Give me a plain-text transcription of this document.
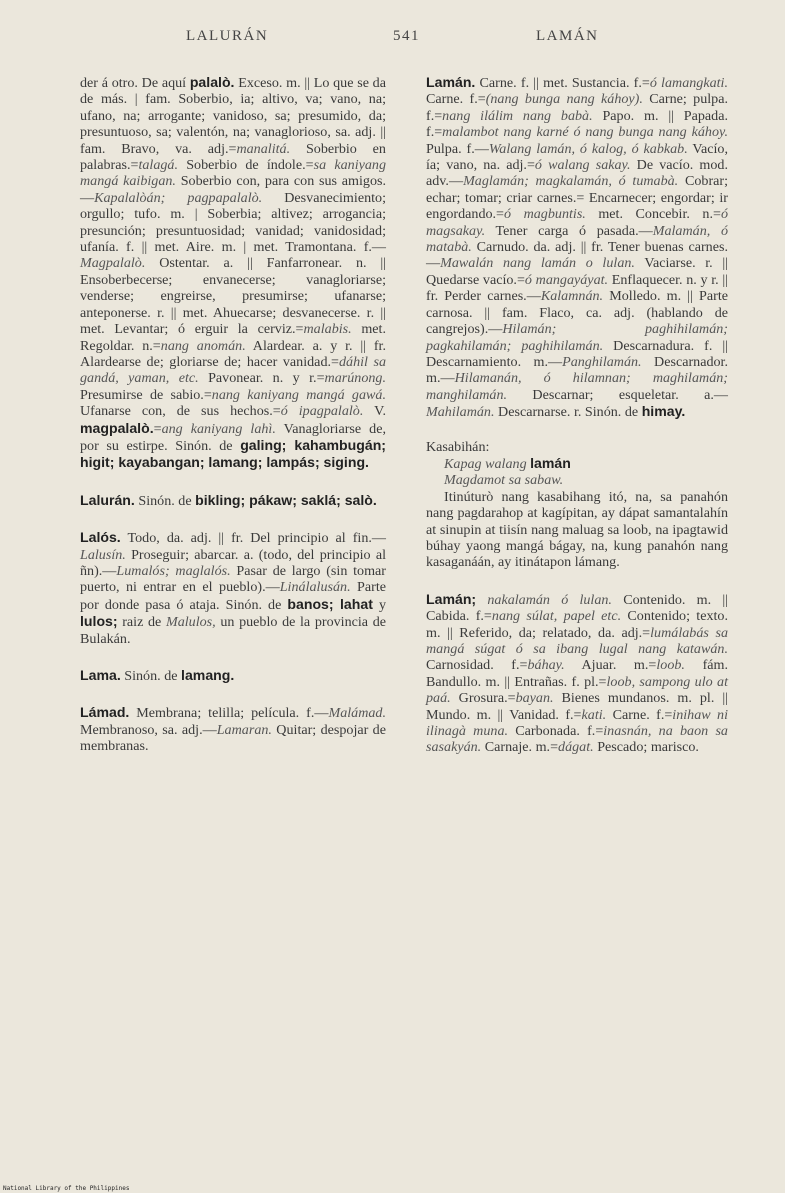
LALURÁN	541	LAMÁN

der á otro. De aquí palalò. Exceso. m. || Lo que se da de más. | fam. Soberbio, ia; altivo, va; vano, na; ufano, na; arrogante; vanidoso, sa; presumido, da; presuntuoso, sa; valentón, na; vanaglorioso, sa. adj. || fam. Bravo, va. adj.=manalitá. Soberbio en palabras.=talagá. Soberbio de índole.=sa kaniyang mangá kaibigan. Soberbio con, para con sus amigos.—Kapalalòán; pagpapalalò. Desvanecimiento; orgullo; tufo. m. | Soberbia; altivez; arrogancia; presunción; presuntuosidad; vanidad; vanidosidad; ufanía. f. || met. Aire. m. | met. Tramontana. f.—Magpalalò. Ostentar. a. || Fanfarronear. n. || Ensoberbecerse; envanecerse; vanagloriarse; venderse; engreirse, presumirse; ufanarse; anteponerse. r. || met. Ahuecarse; desvanecerse. r. || met. Levantar; ó erguir la cerviz.=malabis. met. Regoldar. n.=nang anomán. Alardear. a. y r. || fr. Alardearse de; gloriarse de; hacer vanidad.=dáhil sa gandá, yaman, etc. Pavonear. n. y r.=marúnong. Presumirse de sabio.=nang kaniyang mangá gawá. Ufanarse con, de sus hechos.=ó ipagpalalò. V. magpalalò.=ang kaniyang lahì. Vanagloriarse de, por su estirpe. Sinón. de galing; kahambugán; higit; kayabangan; lamang; lampás; siging.

Lalurán. Sinón. de bikling; pákaw; saklá; salò.

Lalós. Todo, da. adj. || fr. Del principio al fin.—Lalusín. Proseguir; abarcar. a. (todo, del principio al ñn).—Lumalós; maglalós. Pasar de largo (sin tomar puerto, ni entrar en el pueblo).—Linálalusán. Parte por donde pasa ó ataja. Sinón. de banos; lahat y lulos; raiz de Malulos, un pueblo de la provincia de Bulakán.

Lama. Sinón. de lamang.

Lámad. Membrana; telilla; película. f.—Malámad. Membranoso, sa. adj.—Lamaran. Quitar; despojar de membranas.

Lamán. Carne. f. || met. Sustancia. f.=ó lamangkati. Carne. f.=(nang bunga nang káhoy). Carne; pulpa. f.=nang ilálim nang babà. Papo. m. || Papada. f.=malambot nang karné ó nang bunga nang káhoy. Pulpa. f.—Walang lamán, ó kalog, ó kabkab. Vacío, ía; vano, na. adj.=ó walang sakay. De vacío. mod. adv.—Maglamán; magkalamán, ó tumabà. Cobrar; echar; tomar; criar carnes.= Encarnecer; engordar; ir engordando.=ó magbuntis. met. Concebir. n.=ó magsakay. Tener carga ó pasada.—Malamán, ó matabà. Carnudo. da. adj. || fr. Tener buenas carnes.—Mawalán nang lamán o lulan. Vaciarse. r. || Quedarse vacío.=ó mangayáyat. Enflaquecer. n. y r. || fr. Perder carnes.—Kalamnán. Molledo. m. || Parte carnosa. || fam. Flaco, ca. adj. (hablando de cangrejos).—Hilamán; paghihilamán; pagkahilamán; paghihilamán. Descarnadura. f. || Descarnamiento. m.—Panghilamán. Descarnador. m.—Hilamanán, ó hilamnan; maghilamán; manghilamán. Descarnar; esqueletar. a.—Mahilamán. Descarnarse. r. Sinón. de himay.

Kasabihán:

Kapag walang lamán

Magdamot sa sabaw.

Itinúturò nang kasabihang itó, na, sa panahón nang pagdarahop at kagípitan, ay dápat samantalahín at sinupin at tiisín nang maluag sa loob, na ipagtawid búhay yaong mangá bágay, na, kung panahón nang kasaganáán, ay itinátapon lámang.

Lamán; nakalamán ó lulan. Contenido. m. || Cabida. f.=nang súlat, papel etc. Contenido; texto. m. || Referido, da; relatado, da. adj.=lumálabás sa mangá súgat ó sa ibang lugal nang katawán. Carnosidad. f.=báhay. Ajuar. m.=loob. fám. Bandullo. m. || Entrañas. f. pl.=loob, sampong ulo at paá. Grosura.=bayan. Bienes mundanos. m. pl. || Mundo. m. || Vanidad. f.=kati. Carne. f.=inihaw ni ilinagà muna. Carbonada. f.=inasnán, na baon sa sasakyán. Carnaje. m.=dágat. Pescado; marisco.

National Library of the Philippines
